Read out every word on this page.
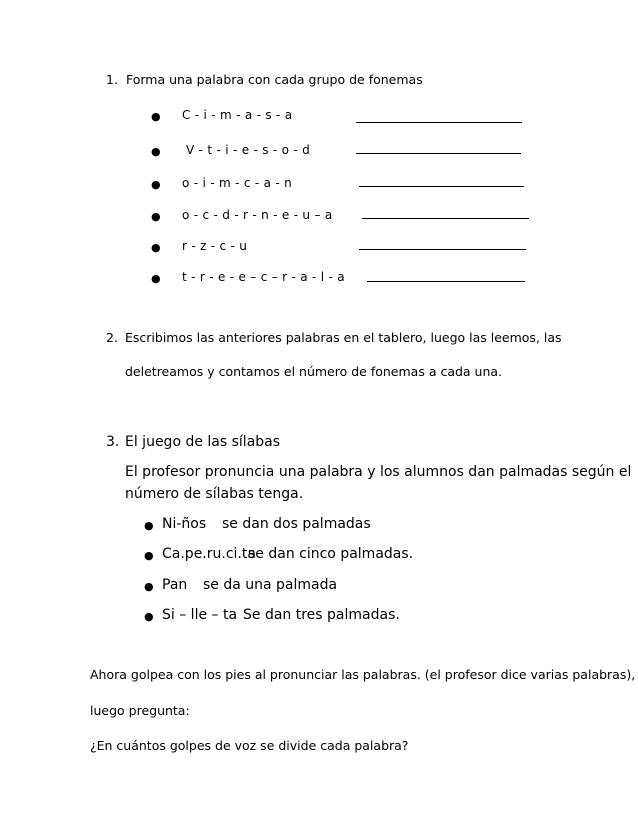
1. Forma una palabra con cada grupo de fonemas
● C - i - m - a - s - a
● V - t - i - e - s - o - d
● o - i - m - c - a - n
● o - c - d - r - n - e - u – a
● r - z - c - u
● t - r - e - e – c – r - a - l - a
2. Escribimos las anteriores palabras en el tablero, luego las leemos, las
deletreamos y contamos el número de fonemas a cada una.
3. El juego de las sílabas
El profesor pronuncia una palabra y los alumnos dan palmadas según el
número de sílabas tenga.
● Ni-ños se dan dos palmadas
● Ca.pe.ru.ci.ta
se dan cinco palmadas.
● Pan se da una palmada
● Si – lle – ta Se dan tres palmadas.
Ahora golpea con los pies al pronunciar las palabras. (el profesor dice varias palabras),
luego pregunta:
¿En cuántos golpes de voz se divide cada palabra?
